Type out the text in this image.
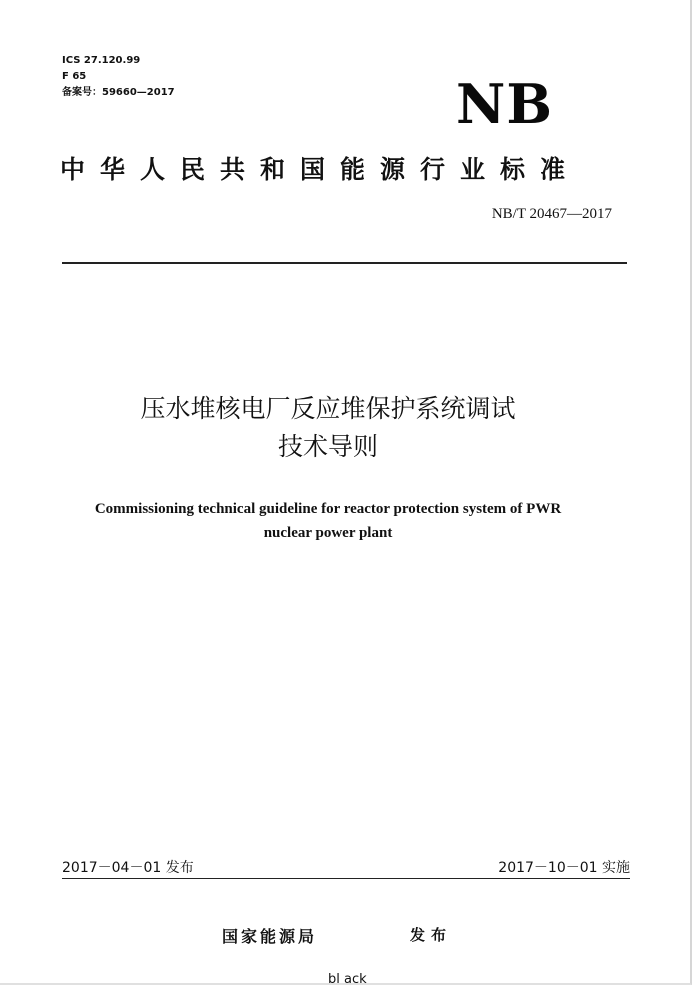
ICS 27.120.99
F 65
备案号：59660—2017	NB
中华人民共和国能源行业标准
NB/T 20467—2017
压水堆核电厂反应堆保护系统调试
技术导则
Commissioning technical guideline for reactor protection system of PWR
nuclear power plant
2017－04－01 发布	2017－10－01 实施
国家能源局	发布
bl ack
